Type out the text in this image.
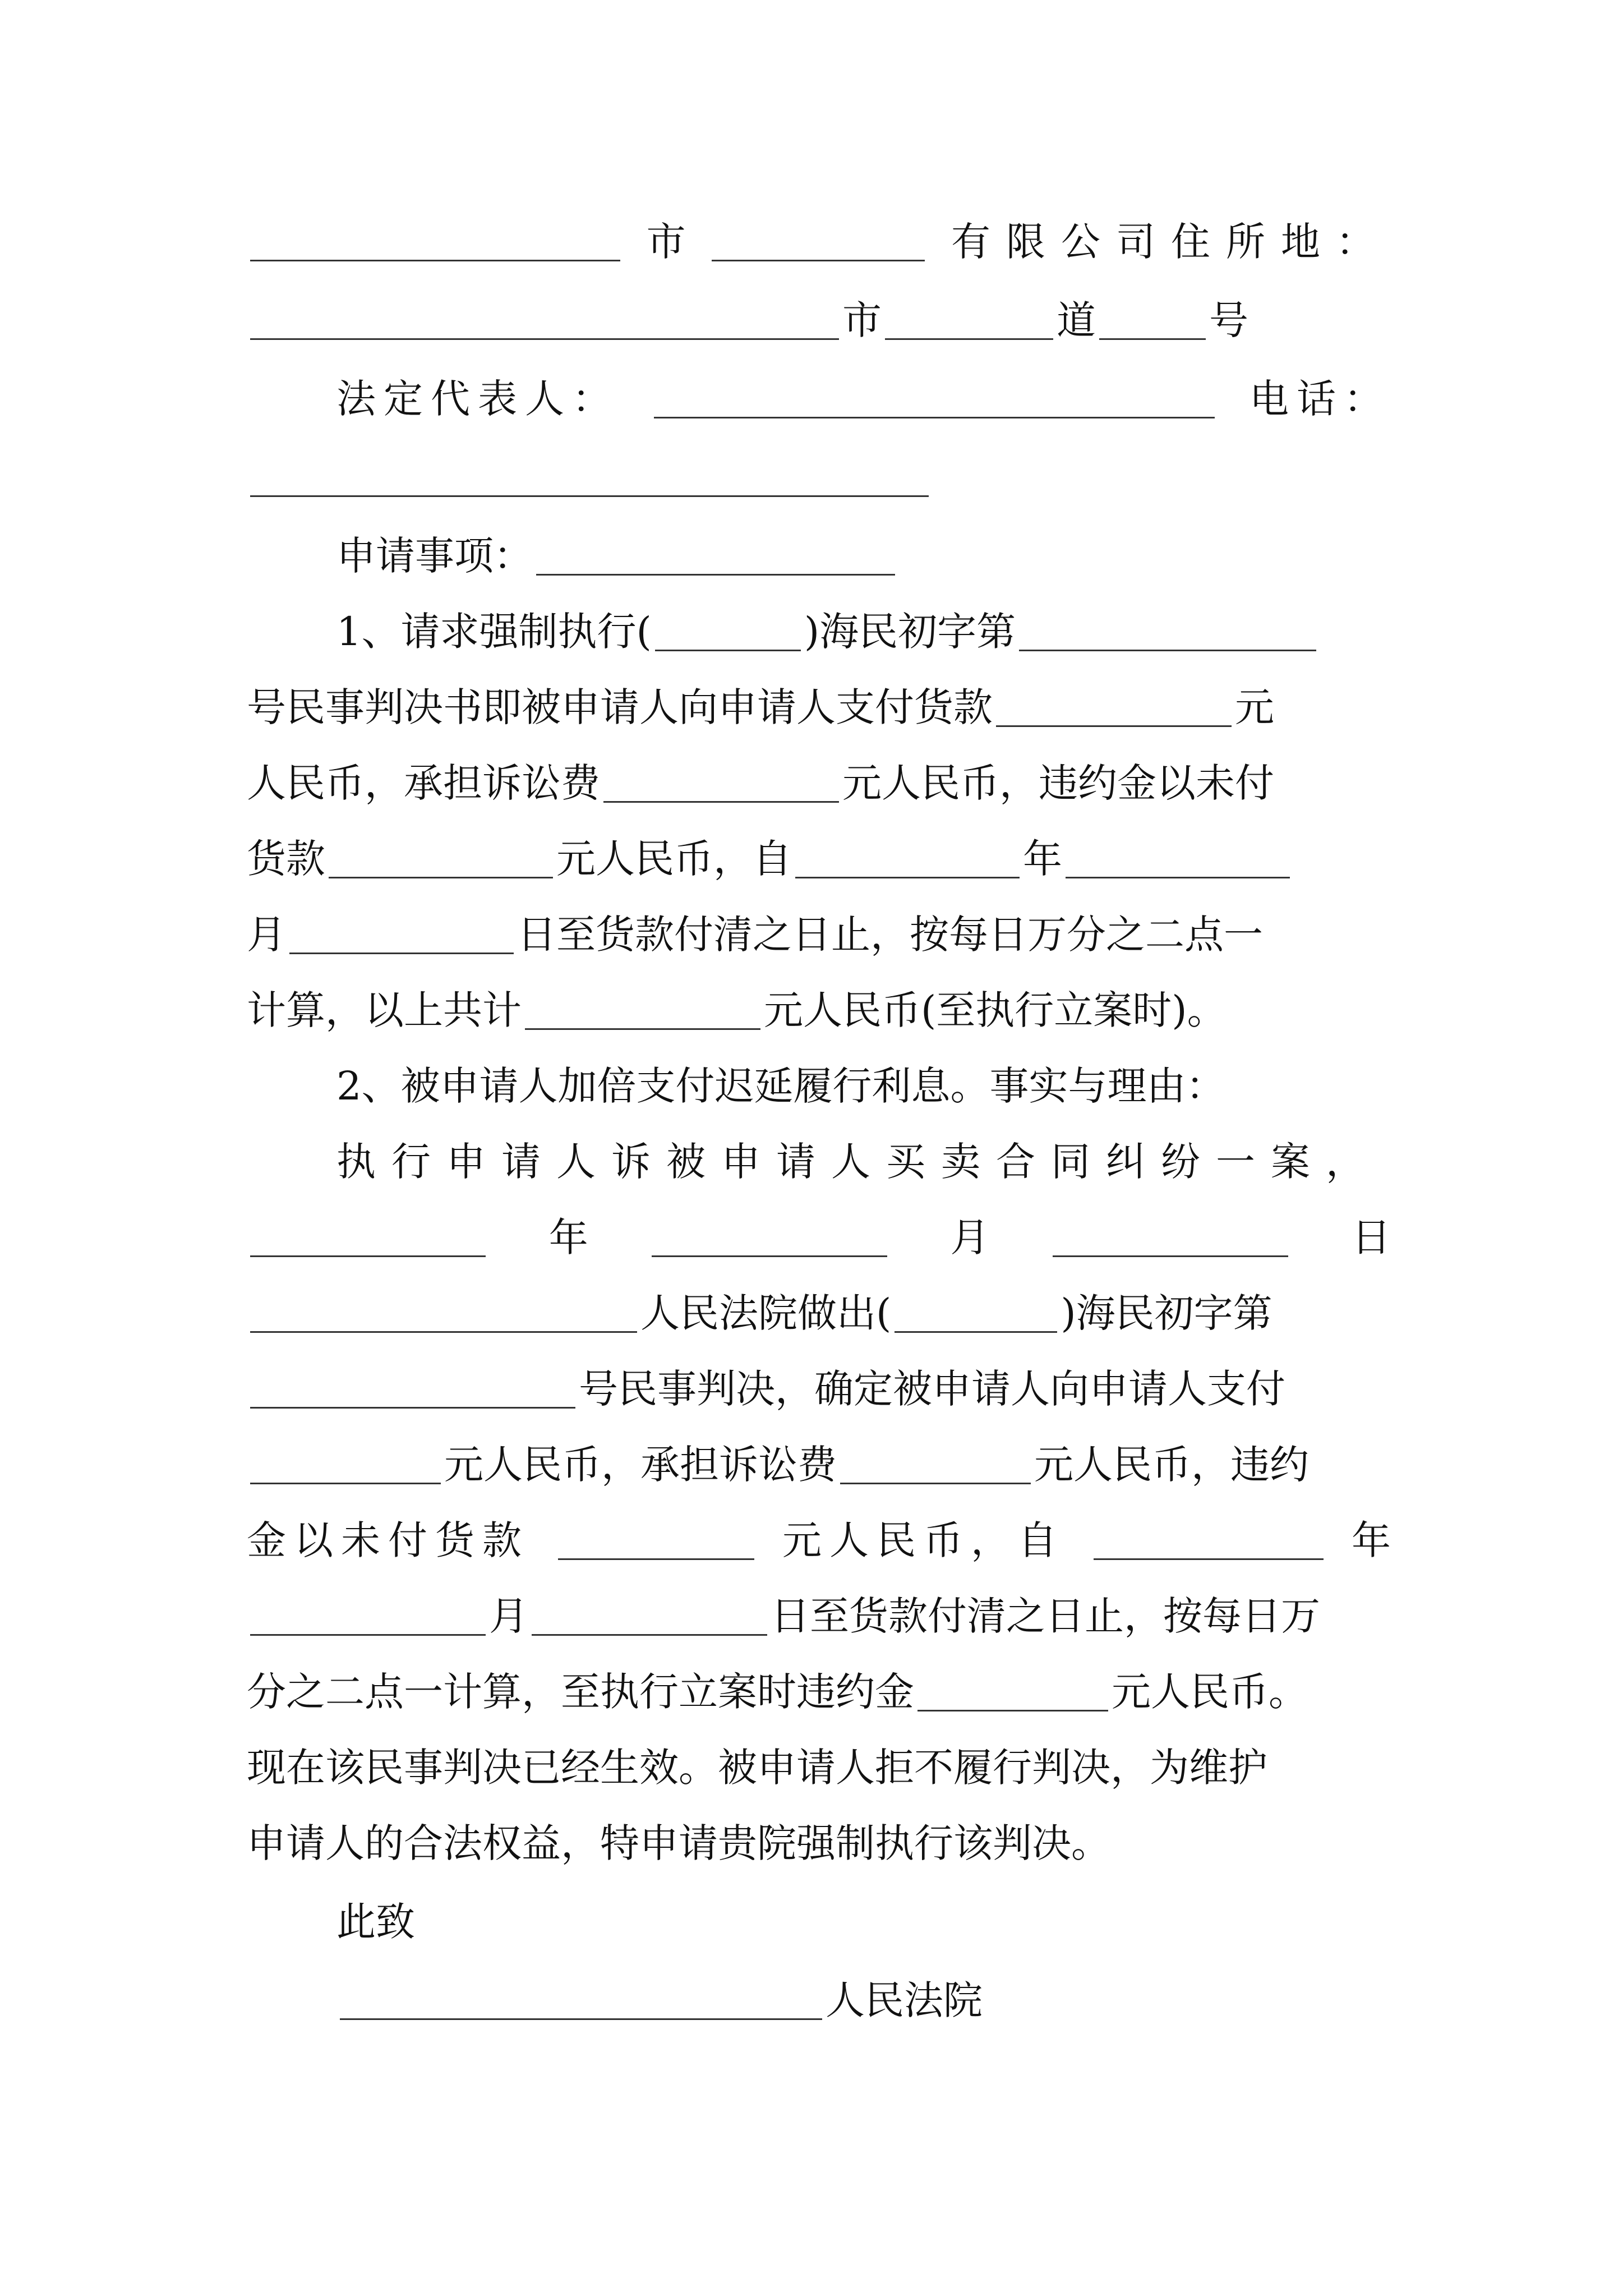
市	有限公司住所地：
市	道	号
法定代表人：	电话：
申请事项：
1、请求强制执行(	)海民初字第
号民事判决书即被申请人向申请人支付货款	元
人民币，承担诉讼费	元人民币，违约金以未付
货款	元人民币，自	年
月	日至货款付清之日止，按每日万分之二点一
计算，以上共计	元人民币(至执行立案时)。
2、被申请人加倍支付迟延履行利息。事实与理由：
执行申请人诉被申请人买卖合同纠纷一案，
年	月	日
人民法院做出(	)海民初字第
号民事判决，确定被申请人向申请人支付
元人民币，承担诉讼费	元人民币，违约
金以未付货款	元人民币，自	年
月	日至货款付清之日止，按每日万
分之二点一计算，至执行立案时违约金	元人民币。
现在该民事判决已经生效。被申请人拒不履行判决，为维护
申请人的合法权益，特申请贵院强制执行该判决。
此致
人民法院
